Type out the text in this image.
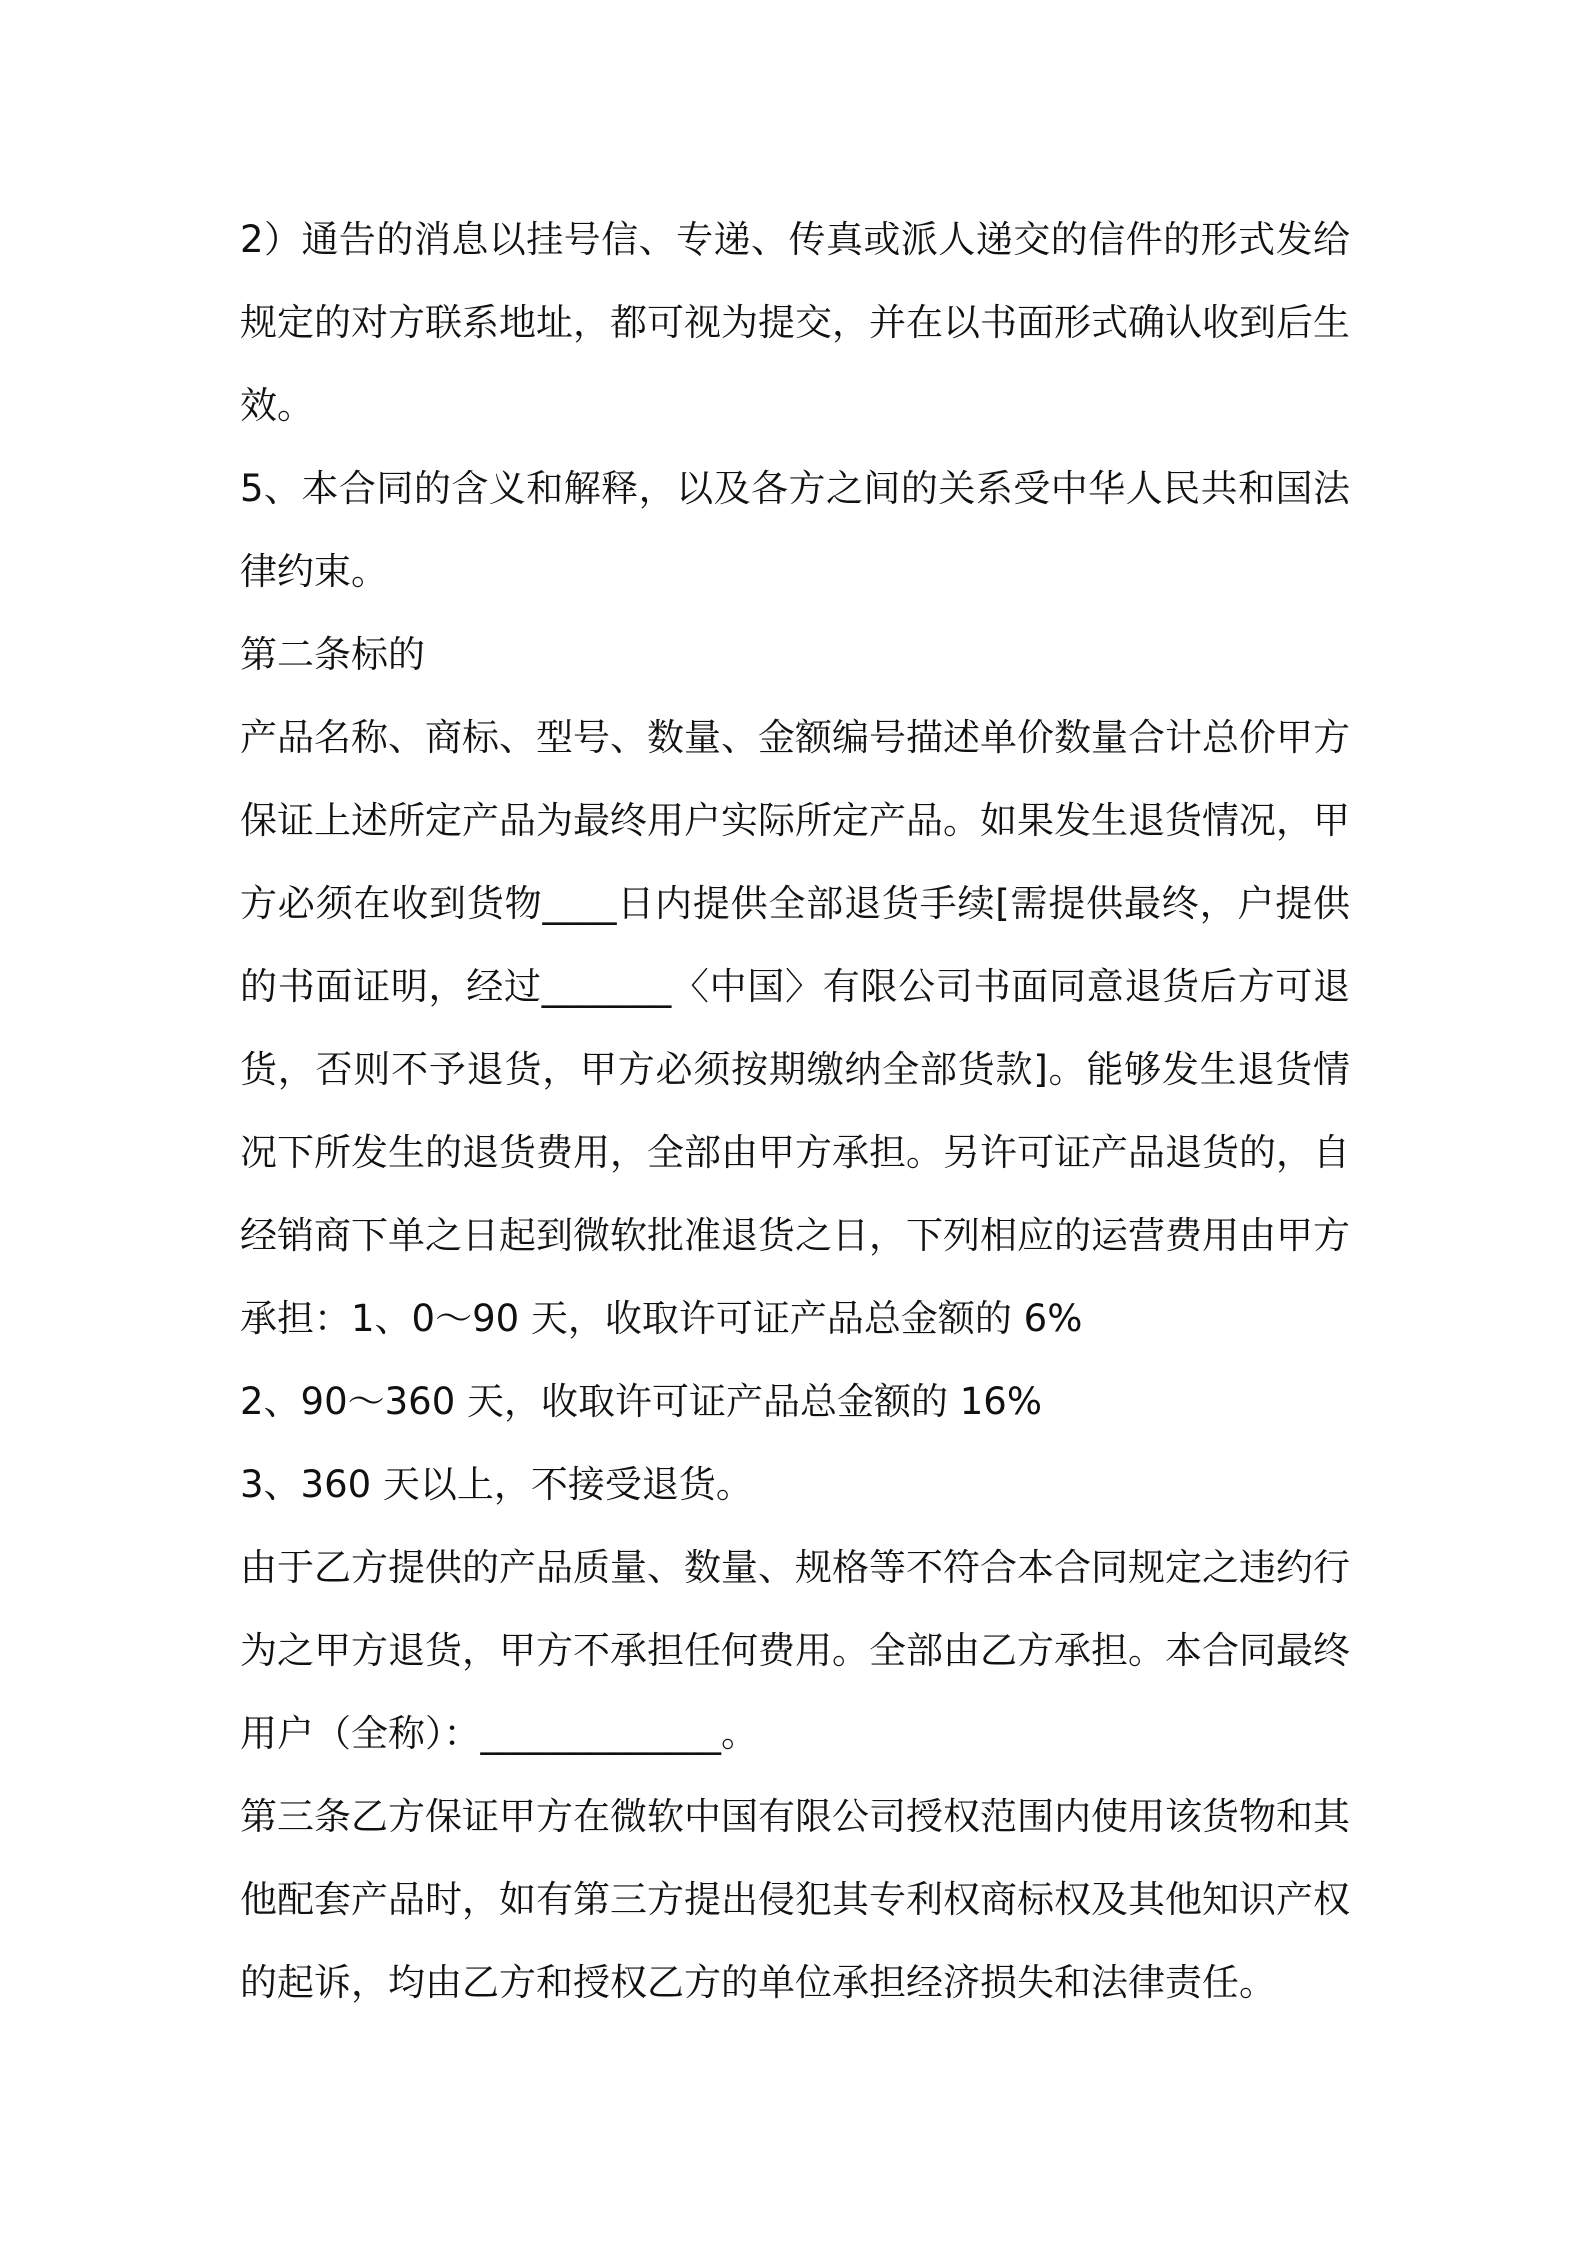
2）通告的消息以挂号信、专递、传真或派人递交的信件的形式发给规定的对方联系地址，都可视为提交，并在以书面形式确认收到后生效。

5、本合同的含义和解释，以及各方之间的关系受中华人民共和国法律约束。

第二条标的

产品名称、商标、型号、数量、金额编号描述单价数量合计总价甲方保证上述所定产品为最终用户实际所定产品。如果发生退货情况，甲方必须在收到货物____日内提供全部退货手续[需提供最终，户提供的书面证明，经过_______〈中国〉有限公司书面同意退货后方可退货，否则不予退货，甲方必须按期缴纳全部货款]。能够发生退货情况下所发生的退货费用，全部由甲方承担。另许可证产品退货的，自经销商下单之日起到微软批准退货之日，下列相应的运营费用由甲方承担：1、0～90 天，收取许可证产品总金额的 6%

2、90～360 天，收取许可证产品总金额的 16%

3、360 天以上，不接受退货。

由于乙方提供的产品质量、数量、规格等不符合本合同规定之违约行为之甲方退货，甲方不承担任何费用。全部由乙方承担。本合同最终用户（全称）：_____________。

第三条乙方保证甲方在微软中国有限公司授权范围内使用该货物和其他配套产品时，如有第三方提出侵犯其专利权商标权及其他知识产权的起诉，均由乙方和授权乙方的单位承担经济损失和法律责任。
